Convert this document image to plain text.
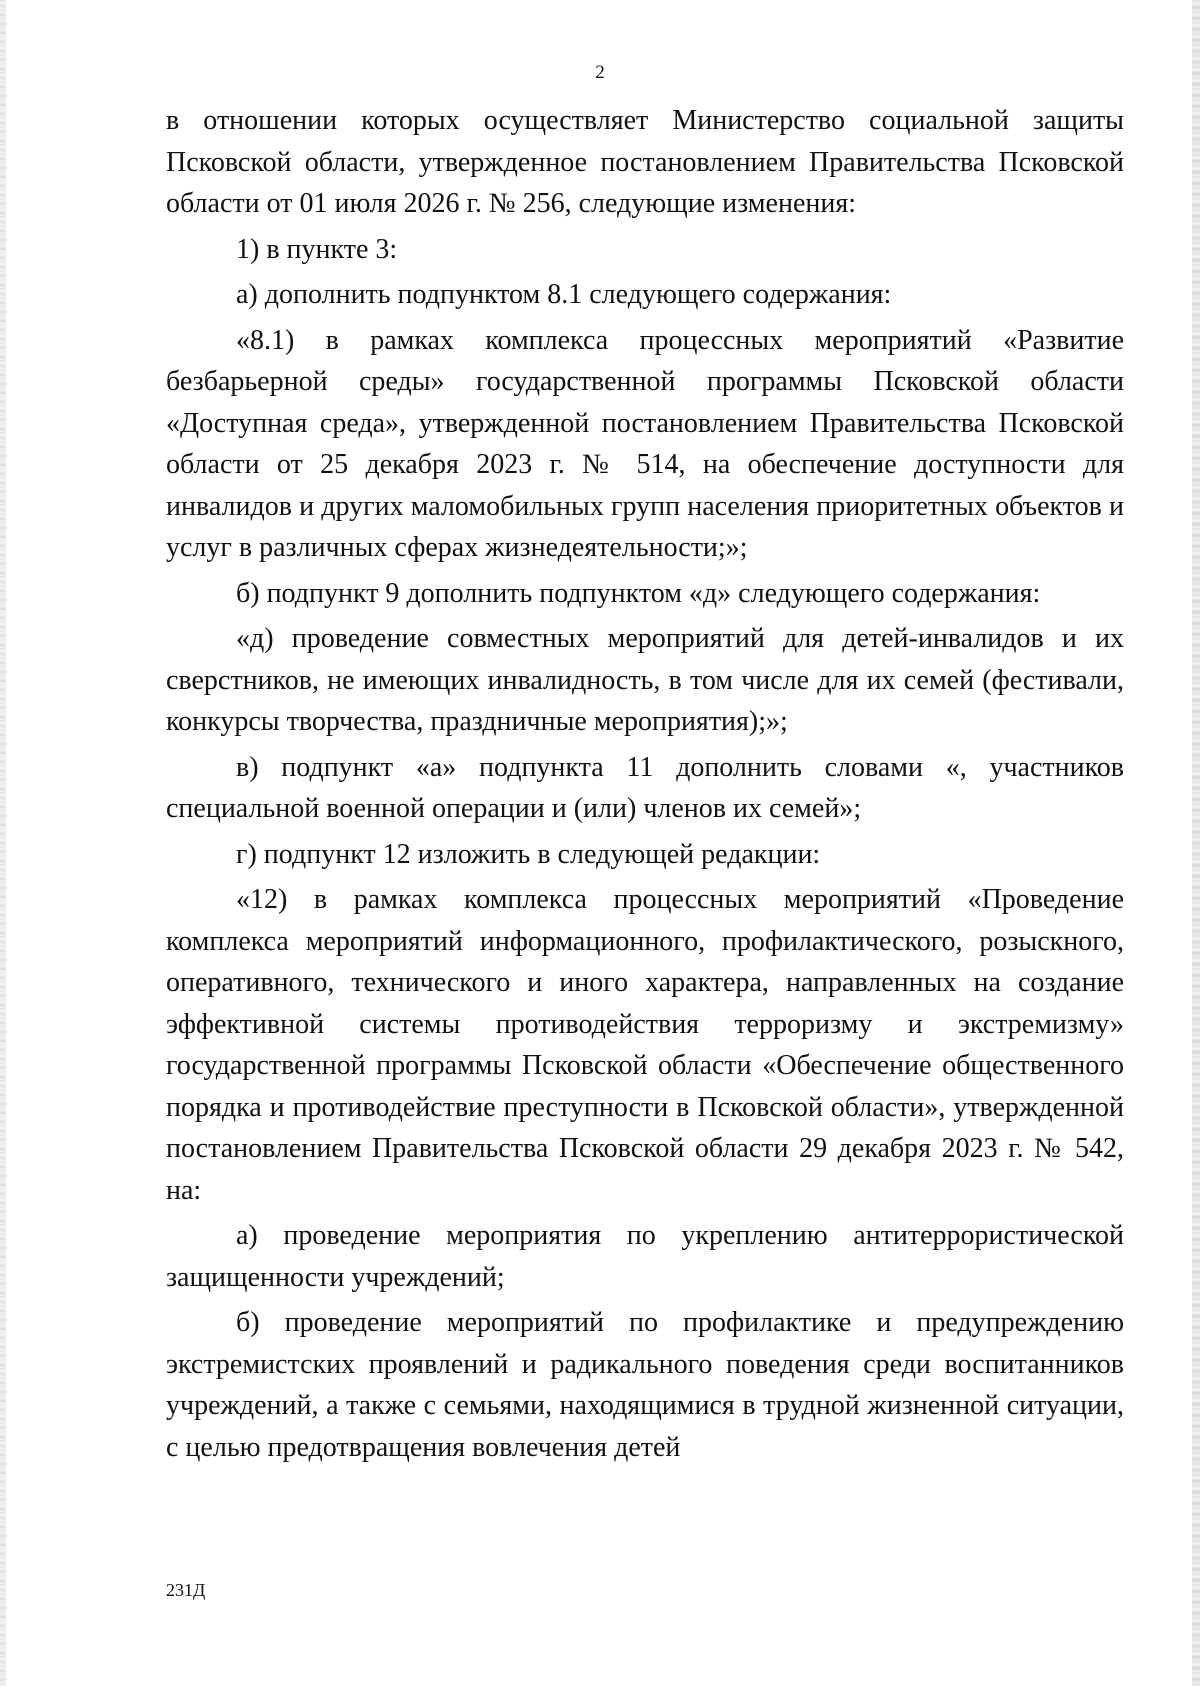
2

в отношении которых осуществляет Министерство социальной защиты Псковской области, утвержденное постановлением Правительства Псковской области от 01 июля 2026 г. № 256, следующие изменения:

1) в пункте 3:

а) дополнить подпунктом 8.1 следующего содержания:

«8.1) в рамках комплекса процессных мероприятий «Развитие безбарьерной среды» государственной программы Псковской области «Доступная среда», утвержденной постановлением Правительства Псковской области от 25 декабря 2023 г. № 514, на обеспечение доступности для инвалидов и других маломобильных групп населения приоритетных объектов и услуг в различных сферах жизнедеятельности;»;

б) подпункт 9 дополнить подпунктом «д» следующего содержания:

«д) проведение совместных мероприятий для детей-инвалидов и их сверстников, не имеющих инвалидность, в том числе для их семей (фестивали, конкурсы творчества, праздничные мероприятия);»;

в) подпункт «а» подпункта 11 дополнить словами «, участников специальной военной операции и (или) членов их семей»;

г) подпункт 12 изложить в следующей редакции:

«12) в рамках комплекса процессных мероприятий «Проведение комплекса мероприятий информационного, профилактического, розыскного, оперативного, технического и иного характера, направленных на создание эффективной системы противодействия терроризму и экстремизму» государственной программы Псковской области «Обеспечение общественного порядка и противодействие преступности в Псковской области», утвержденной постановлением Правительства Псковской области 29 декабря 2023 г. № 542, на:

а) проведение мероприятия по укреплению антитеррористической защищенности учреждений;

б) проведение мероприятий по профилактике и предупреждению экстремистских проявлений и радикального поведения среди воспитанников учреждений, а также с семьями, находящимися в трудной жизненной ситуации, с целью предотвращения вовлечения детей

231Д
